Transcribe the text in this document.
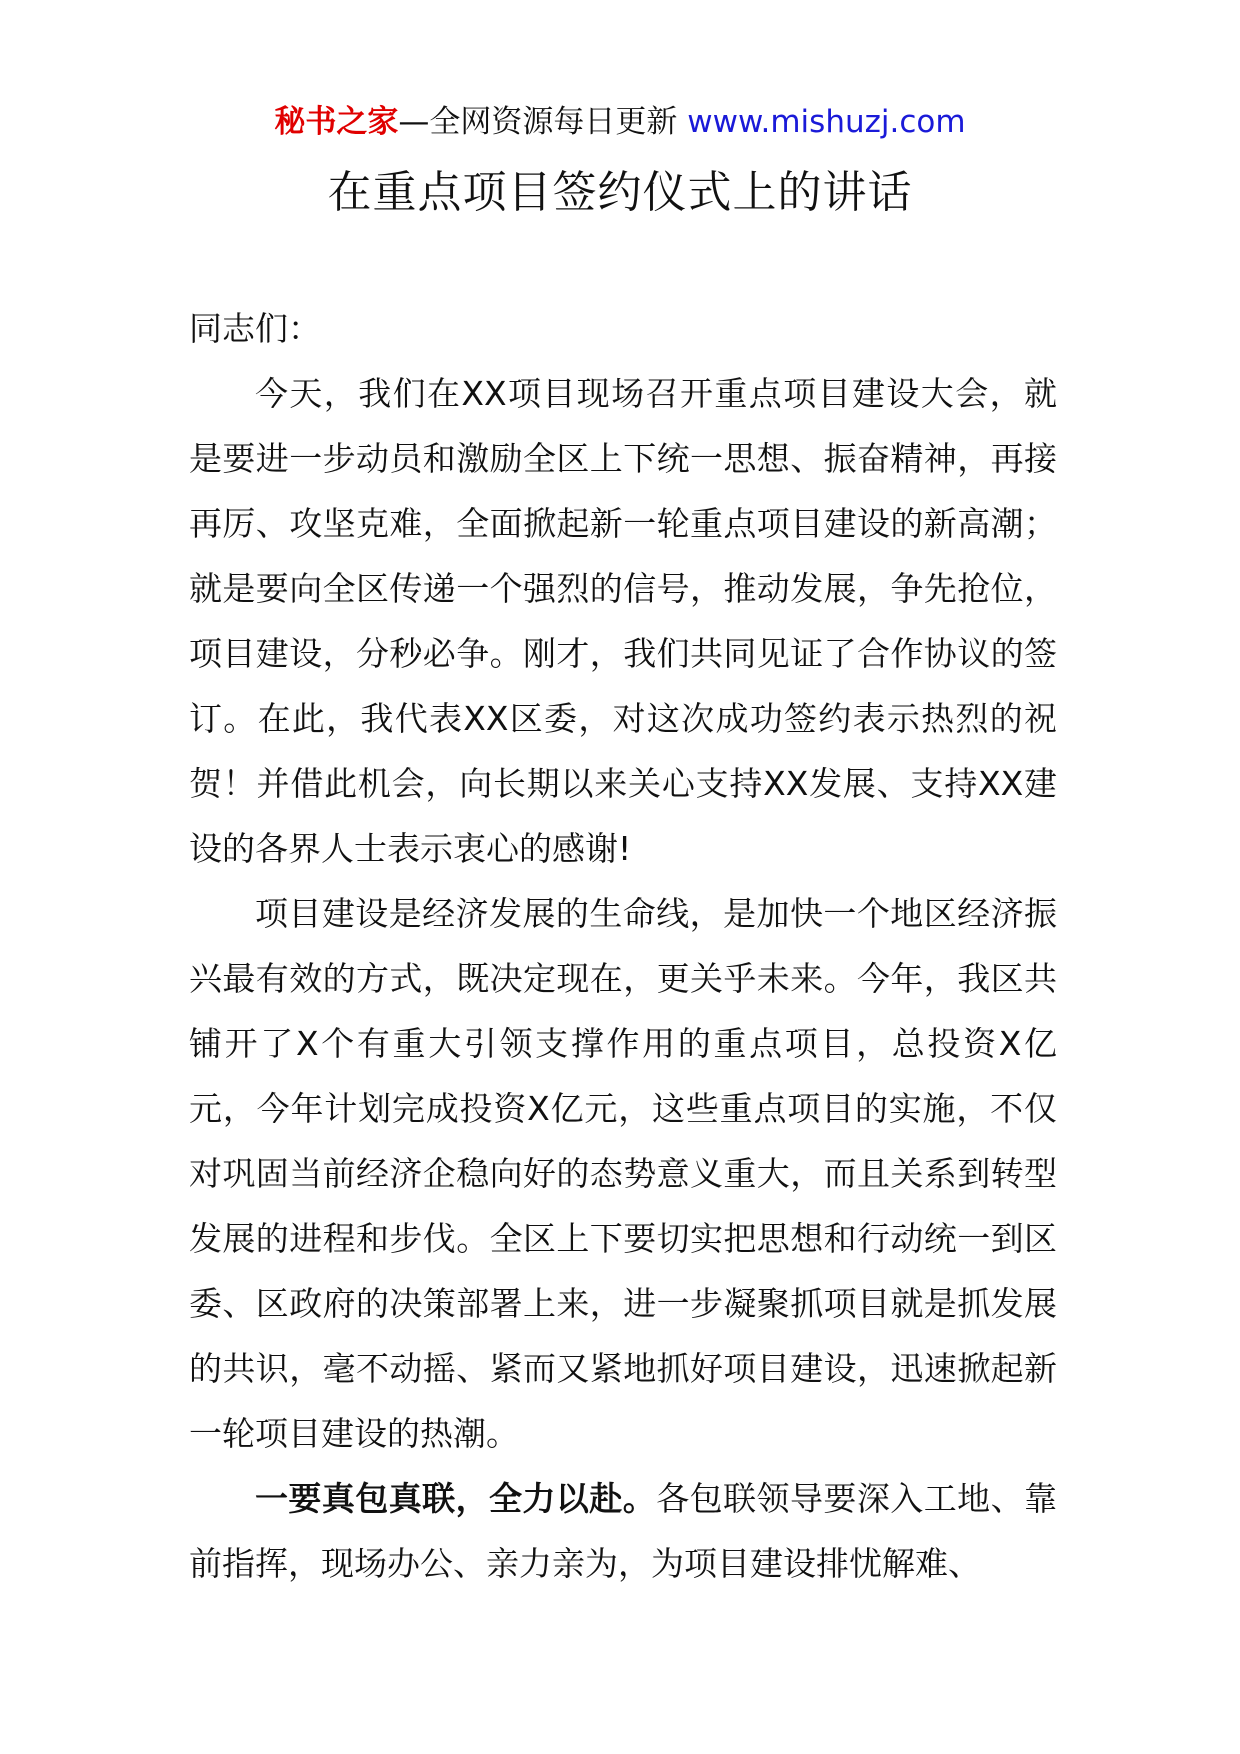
秘书之家—全网资源每日更新 www.mishuzj.com
在重点项目签约仪式上的讲话

同志们：

今天，我们在XX项目现场召开重点项目建设大会，就是要进一步动员和激励全区上下统一思想、振奋精神，再接再厉、攻坚克难，全面掀起新一轮重点项目建设的新高潮；就是要向全区传递一个强烈的信号，推动发展，争先抢位，项目建设，分秒必争。刚才，我们共同见证了合作协议的签订。在此，我代表XX区委，对这次成功签约表示热烈的祝贺！并借此机会，向长期以来关心支持XX发展、支持XX建设的各界人士表示衷心的感谢!

项目建设是经济发展的生命线，是加快一个地区经济振兴最有效的方式，既决定现在，更关乎未来。今年，我区共铺开了X个有重大引领支撑作用的重点项目，总投资X亿元，今年计划完成投资X亿元，这些重点项目的实施，不仅对巩固当前经济企稳向好的态势意义重大，而且关系到转型发展的进程和步伐。全区上下要切实把思想和行动统一到区委、区政府的决策部署上来，进一步凝聚抓项目就是抓发展的共识，毫不动摇、紧而又紧地抓好项目建设，迅速掀起新一轮项目建设的热潮。

一要真包真联，全力以赴。各包联领导要深入工地、靠前指挥，现场办公、亲力亲为，为项目建设排忧解难、
